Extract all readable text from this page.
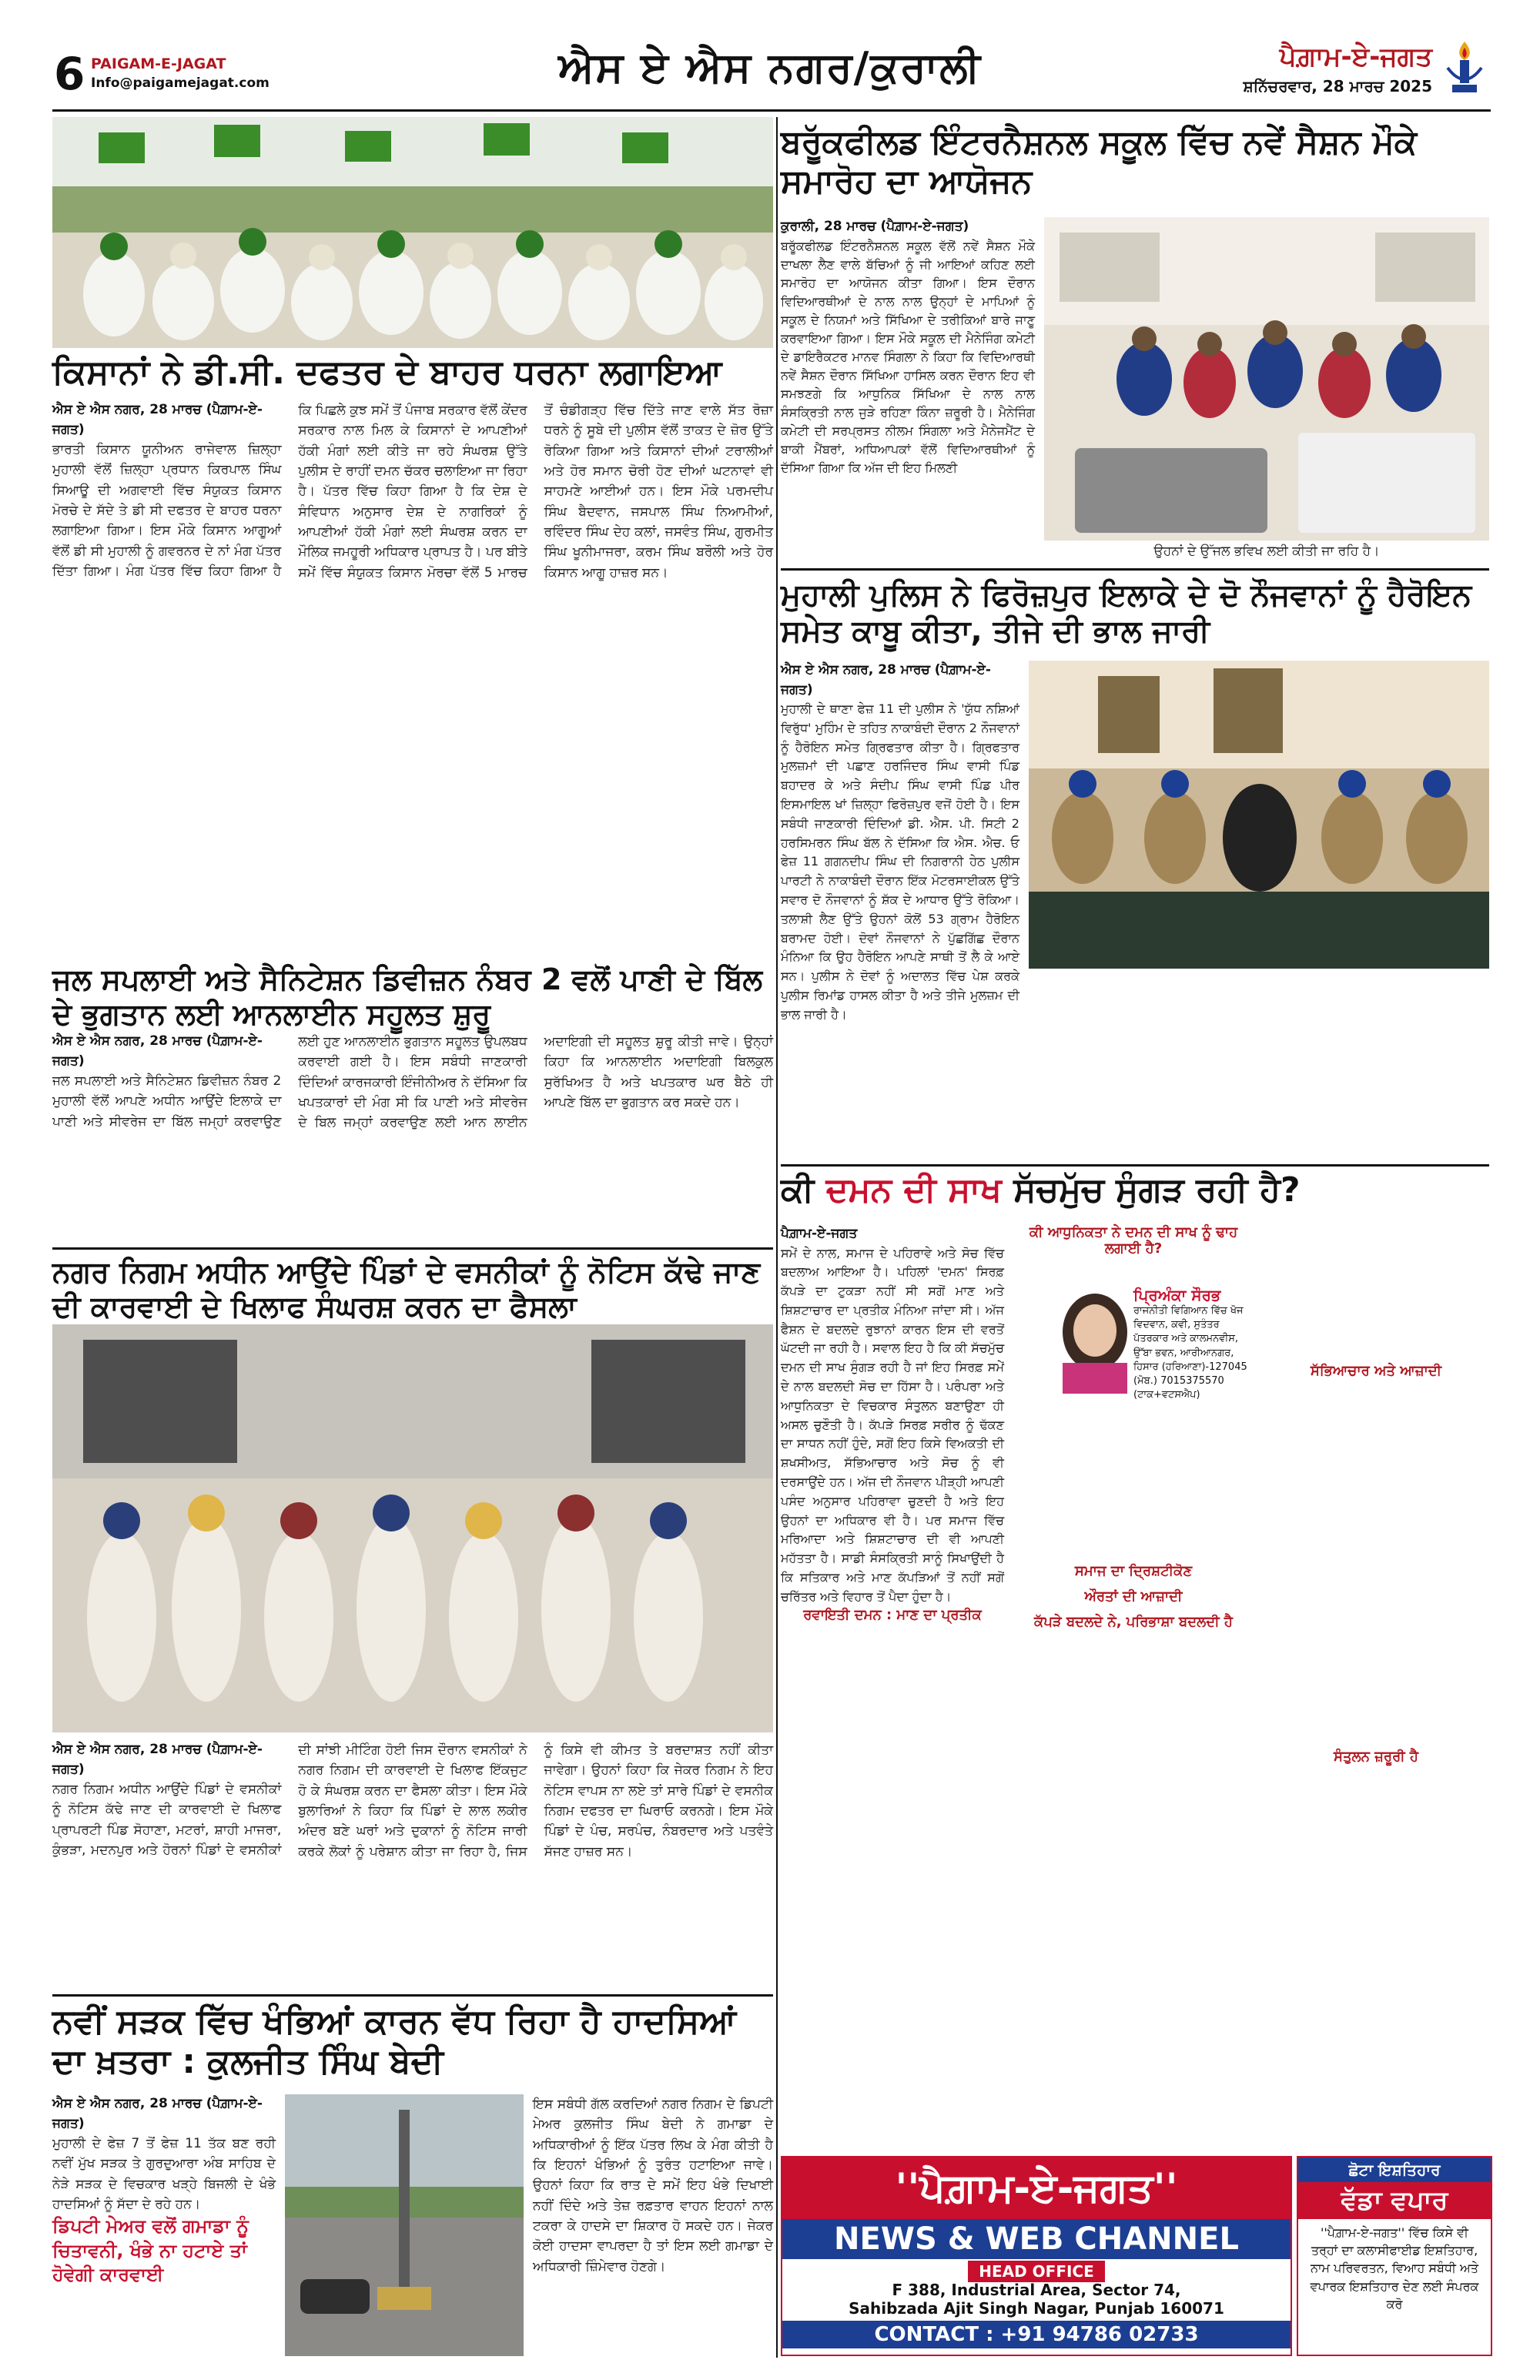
6 PAIGAM-E-JAGAT
Info@paigamejagat.com	ਐਸ ਏ ਐਸ ਨਗਰ/ਕੁਰਾਲੀ	ਪੈਗ਼ਾਮ-ਏ-ਜਗਤ
ਸ਼ਨਿੱਚਰਵਾਰ, 28 ਮਾਰਚ 2025
ਬਰੂੱਕਫੀਲਡ ਇੰਟਰਨੈਸ਼ਨਲ ਸਕੂਲ ਵਿੱਚ ਨਵੇਂ ਸੈਸ਼ਨ ਮੌਕੇ ਸਮਾਰੋਹ ਦਾ ਆਯੋਜਨ
ਕੁਰਾਲੀ, 28 ਮਾਰਚ (ਪੈਗ਼ਾਮ-ਏ-ਜਗਤ)
ਬਰੂੱਕਫੀਲਡ ਇੰਟਰਨੈਸ਼ਨਲ ਸਕੂਲ ਵੱਲੋਂ ਨਵੇਂ ਸੈਸ਼ਨ ਮੌਕੇ ਦਾਖਲਾ ਲੈਣ ਵਾਲੇ ਬੱਚਿਆਂ ਨੂੰ ਜੀ ਆਇਆਂ ਕਹਿਣ ਲਈ ਸਮਾਰੋਹ ਦਾ ਆਯੋਜਨ ਕੀਤਾ ਗਿਆ। ਇਸ ਦੌਰਾਨ ਵਿਦਿਆਰਥੀਆਂ ਦੇ ਨਾਲ ਨਾਲ ਉਨ੍ਹਾਂ ਦੇ ਮਾਪਿਆਂ ਨੂੰ ਸਕੂਲ ਦੇ ਨਿਯਮਾਂ ਅਤੇ ਸਿੱਖਿਆ ਦੇ ਤਰੀਕਿਆਂ ਬਾਰੇ ਜਾਣੂ ਕਰਵਾਇਆ ਗਿਆ। ਇਸ ਮੌਕੇ ਸਕੂਲ ਦੀ ਮੈਨੇਜਿੰਗ ਕਮੇਟੀ ਦੇ ਡਾਇਰੈਕਟਰ ਮਾਨਵ ਸਿੰਗਲਾ ਨੇ ਕਿਹਾ ਕਿ ਵਿਦਿਆਰਥੀ ਨਵੇਂ ਸੈਸ਼ਨ ਦੌਰਾਨ ਸਿੱਖਿਆ ਹਾਸਿਲ ਕਰਨ ਦੌਰਾਨ ਇਹ ਵੀ ਸਮਝਣਗੇ ਕਿ ਆਧੁਨਿਕ ਸਿੱਖਿਆ ਦੇ ਨਾਲ ਨਾਲ ਸੰਸਕ੍ਰਿਤੀ ਨਾਲ ਜੁੜੇ ਰਹਿਣਾ ਕਿੰਨਾ ਜ਼ਰੂਰੀ ਹੈ। ਮੈਨੇਜਿੰਗ ਕਮੇਟੀ ਦੀ ਸਰਪ੍ਰਸਤ ਨੀਲਮ ਸਿੰਗਲਾ ਅਤੇ ਮੈਨੇਜਮੈਂਟ ਦੇ ਬਾਕੀ ਮੈਂਬਰਾਂ, ਅਧਿਆਪਕਾਂ ਵੱਲੋਂ ਵਿਦਿਆਰਥੀਆਂ ਨੂੰ ਦੱਸਿਆ ਗਿਆ ਕਿ ਅੱਜ ਦੀ ਇਹ ਮਿਲਣੀ
ਉਹਨਾਂ ਦੇ ਉੱਜਲ ਭਵਿਖ ਲਈ ਕੀਤੀ ਜਾ ਰਹਿ ਹੈ।
ਕਿਸਾਨਾਂ ਨੇ ਡੀ.ਸੀ. ਦਫਤਰ ਦੇ ਬਾਹਰ ਧਰਨਾ ਲਗਾਇਆ
ਐਸ ਏ ਐਸ ਨਗਰ, 28 ਮਾਰਚ (ਪੈਗ਼ਾਮ-ਏ-ਜਗਤ)
ਭਾਰਤੀ ਕਿਸਾਨ ਯੂਨੀਅਨ ਰਾਜੇਵਾਲ ਜ਼ਿਲ੍ਹਾ ਮੁਹਾਲੀ ਵੱਲੋਂ ਜ਼ਿਲ੍ਹਾ ਪ੍ਰਧਾਨ ਕਿਰਪਾਲ ਸਿੰਘ ਸਿਆਊ ਦੀ ਅਗਵਾਈ ਵਿੱਚ ਸੰਯੁਕਤ ਕਿਸਾਨ ਮੋਰਚੇ ਦੇ ਸੱਦੇ ਤੇ ਡੀ ਸੀ ਦਫਤਰ ਦੇ ਬਾਹਰ ਧਰਨਾ ਲਗਾਇਆ ਗਿਆ। ਇਸ ਮੌਕੇ ਕਿਸਾਨ ਆਗੂਆਂ ਵੱਲੋਂ ਡੀ ਸੀ ਮੁਹਾਲੀ ਨੂੰ ਗਵਰਨਰ ਦੇ ਨਾਂ ਮੰਗ ਪੱਤਰ ਦਿੱਤਾ ਗਿਆ। ਮੰਗ ਪੱਤਰ ਵਿੱਚ ਕਿਹਾ ਗਿਆ ਹੈ ਕਿ ਪਿਛਲੇ ਕੁਝ ਸਮੇਂ ਤੋਂ ਪੰਜਾਬ ਸਰਕਾਰ ਵੱਲੋਂ ਕੇਂਦਰ ਸਰਕਾਰ ਨਾਲ ਮਿਲ ਕੇ ਕਿਸਾਨਾਂ ਦੇ ਆਪਣੀਆਂ ਹੱਕੀ ਮੰਗਾਂ ਲਈ ਕੀਤੇ ਜਾ ਰਹੇ ਸੰਘਰਸ਼ ਉੱਤੇ ਪੁਲੀਸ ਦੇ ਰਾਹੀਂ ਦਮਨ ਚੱਕਰ ਚਲਾਇਆ ਜਾ ਰਿਹਾ ਹੈ। ਪੱਤਰ ਵਿੱਚ ਕਿਹਾ ਗਿਆ ਹੈ ਕਿ ਦੇਸ਼ ਦੇ ਸੰਵਿਧਾਨ ਅਨੁਸਾਰ ਦੇਸ਼ ਦੇ ਨਾਗਰਿਕਾਂ ਨੂੰ ਆਪਣੀਆਂ ਹੱਕੀ ਮੰਗਾਂ ਲਈ ਸੰਘਰਸ਼ ਕਰਨ ਦਾ ਮੌਲਿਕ ਜਮਹੂਰੀ ਅਧਿਕਾਰ ਪ੍ਰਾਪਤ ਹੈ। ਪਰ ਬੀਤੇ ਸਮੇਂ ਵਿੱਚ ਸੰਯੁਕਤ ਕਿਸਾਨ ਮੋਰਚਾ ਵੱਲੋਂ 5 ਮਾਰਚ ਤੋਂ ਚੰਡੀਗੜ੍ਹ ਵਿੱਚ ਦਿੱਤੇ ਜਾਣ ਵਾਲੇ ਸੱਤ ਰੋਜ਼ਾ ਧਰਨੇ ਨੂੰ ਸੂਬੇ ਦੀ ਪੁਲੀਸ ਵੱਲੋਂ ਤਾਕਤ ਦੇ ਜ਼ੋਰ ਉੱਤੇ ਰੋਕਿਆ ਗਿਆ ਅਤੇ ਕਿਸਾਨਾਂ ਦੀਆਂ ਟਰਾਲੀਆਂ ਅਤੇ ਹੋਰ ਸਮਾਨ ਚੋਰੀ ਹੋਣ ਦੀਆਂ ਘਟਨਾਵਾਂ ਵੀ ਸਾਹਮਣੇ ਆਈਆਂ ਹਨ। ਇਸ ਮੌਕੇ ਪਰਮਦੀਪ ਸਿੰਘ ਬੈਦਵਾਨ, ਜਸਪਾਲ ਸਿੰਘ ਨਿਆਮੀਆਂ, ਰਵਿੰਦਰ ਸਿੰਘ ਦੇਹ ਕਲਾਂ, ਜਸਵੰਤ ਸਿੰਘ, ਗੁਰਮੀਤ ਸਿੰਘ ਖੂਨੀਮਾਜਰਾ, ਕਰਮ ਸਿੰਘ ਬਰੌਲੀ ਅਤੇ ਹੋਰ ਕਿਸਾਨ ਆਗੂ ਹਾਜ਼ਰ ਸਨ।
ਮੁਹਾਲੀ ਪੁਲਿਸ ਨੇ ਫਿਰੋਜ਼ਪੁਰ ਇਲਾਕੇ ਦੇ ਦੋ ਨੌਜਵਾਨਾਂ ਨੂੰ ਹੈਰੋਇਨ ਸਮੇਤ ਕਾਬੂ ਕੀਤਾ, ਤੀਜੇ ਦੀ ਭਾਲ ਜਾਰੀ
ਐਸ ਏ ਐਸ ਨਗਰ, 28 ਮਾਰਚ (ਪੈਗ਼ਾਮ-ਏ-ਜਗਤ)
ਮੁਹਾਲੀ ਦੇ ਥਾਣਾ ਫੇਜ਼ 11 ਦੀ ਪੁਲੀਸ ਨੇ 'ਯੁੱਧ ਨਸ਼ਿਆਂ ਵਿਰੁੱਧ' ਮੁਹਿੰਮ ਦੇ ਤਹਿਤ ਨਾਕਾਬੰਦੀ ਦੌਰਾਨ 2 ਨੌਜਵਾਨਾਂ ਨੂੰ ਹੈਰੋਇਨ ਸਮੇਤ ਗ੍ਰਿਫਤਾਰ ਕੀਤਾ ਹੈ। ਗ੍ਰਿਫਤਾਰ ਮੁਲਜ਼ਮਾਂ ਦੀ ਪਛਾਣ ਹਰਜਿੰਦਰ ਸਿੰਘ ਵਾਸੀ ਪਿੰਡ ਬਹਾਦਰ ਕੇ ਅਤੇ ਸੰਦੀਪ ਸਿੰਘ ਵਾਸੀ ਪਿੰਡ ਪੀਰ ਇਸਮਾਇਲ ਖਾਂ ਜ਼ਿਲ੍ਹਾ ਫਿਰੋਜ਼ਪੁਰ ਵਜੋਂ ਹੋਈ ਹੈ। ਇਸ ਸਬੰਧੀ ਜਾਣਕਾਰੀ ਦਿੰਦਿਆਂ ਡੀ. ਐਸ. ਪੀ. ਸਿਟੀ 2 ਹਰਸਿਮਰਨ ਸਿੰਘ ਬੱਲ ਨੇ ਦੱਸਿਆ ਕਿ ਐਸ. ਐਚ. ਓ ਫੇਜ਼ 11 ਗਗਨਦੀਪ ਸਿੰਘ ਦੀ ਨਿਗਰਾਨੀ ਹੇਠ ਪੁਲੀਸ ਪਾਰਟੀ ਨੇ ਨਾਕਾਬੰਦੀ ਦੌਰਾਨ ਇੱਕ ਮੋਟਰਸਾਈਕਲ ਉੱਤੇ ਸਵਾਰ ਦੋ ਨੌਜਵਾਨਾਂ ਨੂੰ ਸ਼ੱਕ ਦੇ ਆਧਾਰ ਉੱਤੇ ਰੋਕਿਆ। ਤਲਾਸ਼ੀ ਲੈਣ ਉੱਤੇ ਉਹਨਾਂ ਕੋਲੋਂ 53 ਗ੍ਰਾਮ ਹੈਰੋਇਨ ਬਰਾਮਦ ਹੋਈ। ਦੋਵਾਂ ਨੌਜਵਾਨਾਂ ਨੇ ਪੁੱਛਗਿੱਛ ਦੌਰਾਨ ਮੰਨਿਆ ਕਿ ਉਹ ਹੈਰੋਇਨ ਆਪਣੇ ਸਾਥੀ ਤੋਂ ਲੈ ਕੇ ਆਏ ਸਨ। ਪੁਲੀਸ ਨੇ ਦੋਵਾਂ ਨੂੰ ਅਦਾਲਤ ਵਿੱਚ ਪੇਸ਼ ਕਰਕੇ ਪੁਲੀਸ ਰਿਮਾਂਡ ਹਾਸਲ ਕੀਤਾ ਹੈ ਅਤੇ ਤੀਜੇ ਮੁਲਜ਼ਮ ਦੀ ਭਾਲ ਜਾਰੀ ਹੈ।
ਜਲ ਸਪਲਾਈ ਅਤੇ ਸੈਨਿਟੇਸ਼ਨ ਡਿਵੀਜ਼ਨ ਨੰਬਰ 2 ਵਲੋਂ ਪਾਣੀ ਦੇ ਬਿੱਲ ਦੇ ਭੁਗਤਾਨ ਲਈ ਆਨਲਾਈਨ ਸਹੂਲਤ ਸ਼ੁਰੂ
ਐਸ ਏ ਐਸ ਨਗਰ, 28 ਮਾਰਚ (ਪੈਗ਼ਾਮ-ਏ-ਜਗਤ)
ਜਲ ਸਪਲਾਈ ਅਤੇ ਸੈਨਿਟੇਸ਼ਨ ਡਿਵੀਜ਼ਨ ਨੰਬਰ 2 ਮੁਹਾਲੀ ਵੱਲੋਂ ਆਪਣੇ ਅਧੀਨ ਆਉਂਦੇ ਇਲਾਕੇ ਦਾ ਪਾਣੀ ਅਤੇ ਸੀਵਰੇਜ ਦਾ ਬਿੱਲ ਜਮ੍ਹਾਂ ਕਰਵਾਉਣ ਲਈ ਹੁਣ ਆਨਲਾਈਨ ਭੁਗਤਾਨ ਸਹੂਲਤ ਉਪਲਬਧ ਕਰਵਾਈ ਗਈ ਹੈ। ਇਸ ਸਬੰਧੀ ਜਾਣਕਾਰੀ ਦਿੰਦਿਆਂ ਕਾਰਜਕਾਰੀ ਇੰਜੀਨੀਅਰ ਨੇ ਦੱਸਿਆ ਕਿ ਖਪਤਕਾਰਾਂ ਦੀ ਮੰਗ ਸੀ ਕਿ ਪਾਣੀ ਅਤੇ ਸੀਵਰੇਜ ਦੇ ਬਿਲ ਜਮ੍ਹਾਂ ਕਰਵਾਉਣ ਲਈ ਆਨ ਲਾਈਨ ਅਦਾਇਗੀ ਦੀ ਸਹੂਲਤ ਸ਼ੁਰੂ ਕੀਤੀ ਜਾਵੇ। ਉਨ੍ਹਾਂ ਕਿਹਾ ਕਿ ਆਨਲਾਈਨ ਅਦਾਇਗੀ ਬਿਲਕੁਲ ਸੁਰੱਖਿਅਤ ਹੈ ਅਤੇ ਖਪਤਕਾਰ ਘਰ ਬੈਠੇ ਹੀ ਆਪਣੇ ਬਿੱਲ ਦਾ ਭੁਗਤਾਨ ਕਰ ਸਕਦੇ ਹਨ।
ਨਗਰ ਨਿਗਮ ਅਧੀਨ ਆਉਂਦੇ ਪਿੰਡਾਂ ਦੇ ਵਸਨੀਕਾਂ ਨੂੰ ਨੋਟਿਸ ਕੱਢੇ ਜਾਣ ਦੀ ਕਾਰਵਾਈ ਦੇ ਖਿਲਾਫ ਸੰਘਰਸ਼ ਕਰਨ ਦਾ ਫੈਸਲਾ
ਐਸ ਏ ਐਸ ਨਗਰ, 28 ਮਾਰਚ (ਪੈਗ਼ਾਮ-ਏ-ਜਗਤ)
ਨਗਰ ਨਿਗਮ ਅਧੀਨ ਆਉਂਦੇ ਪਿੰਡਾਂ ਦੇ ਵਸਨੀਕਾਂ ਨੂੰ ਨੋਟਿਸ ਕੱਢੇ ਜਾਣ ਦੀ ਕਾਰਵਾਈ ਦੇ ਖਿਲਾਫ ਪ੍ਰਾਪਰਟੀ ਪਿੰਡ ਸੋਹਾਣਾ, ਮਟਰਾਂ, ਸ਼ਾਹੀ ਮਾਜਰਾ, ਕੁੰਭੜਾ, ਮਦਨਪੁਰ ਅਤੇ ਹੋਰਨਾਂ ਪਿੰਡਾਂ ਦੇ ਵਸਨੀਕਾਂ ਦੀ ਸਾਂਝੀ ਮੀਟਿੰਗ ਹੋਈ ਜਿਸ ਦੌਰਾਨ ਵਸਨੀਕਾਂ ਨੇ ਨਗਰ ਨਿਗਮ ਦੀ ਕਾਰਵਾਈ ਦੇ ਖਿਲਾਫ ਇੱਕਜੁਟ ਹੋ ਕੇ ਸੰਘਰਸ਼ ਕਰਨ ਦਾ ਫੈਸਲਾ ਕੀਤਾ। ਇਸ ਮੌਕੇ ਬੁਲਾਰਿਆਂ ਨੇ ਕਿਹਾ ਕਿ ਪਿੰਡਾਂ ਦੇ ਲਾਲ ਲਕੀਰ ਅੰਦਰ ਬਣੇ ਘਰਾਂ ਅਤੇ ਦੁਕਾਨਾਂ ਨੂੰ ਨੋਟਿਸ ਜਾਰੀ ਕਰਕੇ ਲੋਕਾਂ ਨੂੰ ਪਰੇਸ਼ਾਨ ਕੀਤਾ ਜਾ ਰਿਹਾ ਹੈ, ਜਿਸ ਨੂੰ ਕਿਸੇ ਵੀ ਕੀਮਤ ਤੇ ਬਰਦਾਸ਼ਤ ਨਹੀਂ ਕੀਤਾ ਜਾਵੇਗਾ। ਉਹਨਾਂ ਕਿਹਾ ਕਿ ਜੇਕਰ ਨਿਗਮ ਨੇ ਇਹ ਨੋਟਿਸ ਵਾਪਸ ਨਾ ਲਏ ਤਾਂ ਸਾਰੇ ਪਿੰਡਾਂ ਦੇ ਵਸਨੀਕ ਨਿਗਮ ਦਫਤਰ ਦਾ ਘਿਰਾਓ ਕਰਨਗੇ। ਇਸ ਮੌਕੇ ਪਿੰਡਾਂ ਦੇ ਪੰਚ, ਸਰਪੰਚ, ਨੰਬਰਦਾਰ ਅਤੇ ਪਤਵੰਤੇ ਸੱਜਣ ਹਾਜ਼ਰ ਸਨ।
ਨਵੀਂ ਸੜਕ ਵਿੱਚ ਖੰਭਿਆਂ ਕਾਰਨ ਵੱਧ ਰਿਹਾ ਹੈ ਹਾਦਸਿਆਂ ਦਾ ਖ਼ਤਰਾ : ਕੁਲਜੀਤ ਸਿੰਘ ਬੇਦੀ
ਐਸ ਏ ਐਸ ਨਗਰ, 28 ਮਾਰਚ (ਪੈਗ਼ਾਮ-ਏ-ਜਗਤ)
ਮੁਹਾਲੀ ਦੇ ਫੇਜ਼ 7 ਤੋਂ ਫੇਜ਼ 11 ਤੱਕ ਬਣ ਰਹੀ ਨਵੀਂ ਮੁੱਖ ਸੜਕ ਤੇ ਗੁਰਦੁਆਰਾ ਅੰਬ ਸਾਹਿਬ ਦੇ ਨੇੜੇ ਸੜਕ ਦੇ ਵਿਚਕਾਰ ਖੜ੍ਹੇ ਬਿਜਲੀ ਦੇ ਖੰਭੇ ਹਾਦਸਿਆਂ ਨੂੰ ਸੱਦਾ ਦੇ ਰਹੇ ਹਨ।
ਡਿਪਟੀ ਮੇਅਰ ਵਲੋਂ ਗਮਾਡਾ ਨੂੰ ਚਿਤਾਵਨੀ, ਖੰਭੇ ਨਾ ਹਟਾਏ ਤਾਂ ਹੋਵੇਗੀ ਕਾਰਵਾਈ
ਇਸ ਸਬੰਧੀ ਗੱਲ ਕਰਦਿਆਂ ਨਗਰ ਨਿਗਮ ਦੇ ਡਿਪਟੀ ਮੇਅਰ ਕੁਲਜੀਤ ਸਿੰਘ ਬੇਦੀ ਨੇ ਗਮਾਡਾ ਦੇ ਅਧਿਕਾਰੀਆਂ ਨੂੰ ਇੱਕ ਪੱਤਰ ਲਿਖ ਕੇ ਮੰਗ ਕੀਤੀ ਹੈ ਕਿ ਇਹਨਾਂ ਖੰਭਿਆਂ ਨੂੰ ਤੁਰੰਤ ਹਟਾਇਆ ਜਾਵੇ। ਉਹਨਾਂ ਕਿਹਾ ਕਿ ਰਾਤ ਦੇ ਸਮੇਂ ਇਹ ਖੰਭੇ ਦਿਖਾਈ ਨਹੀਂ ਦਿੰਦੇ ਅਤੇ ਤੇਜ਼ ਰਫ਼ਤਾਰ ਵਾਹਨ ਇਹਨਾਂ ਨਾਲ ਟਕਰਾ ਕੇ ਹਾਦਸੇ ਦਾ ਸ਼ਿਕਾਰ ਹੋ ਸਕਦੇ ਹਨ। ਜੇਕਰ ਕੋਈ ਹਾਦਸਾ ਵਾਪਰਦਾ ਹੈ ਤਾਂ ਇਸ ਲਈ ਗਮਾਡਾ ਦੇ ਅਧਿਕਾਰੀ ਜ਼ਿੰਮੇਵਾਰ ਹੋਣਗੇ।
ਕੀ ਦਮਨ ਦੀ ਸਾਖ ਸੱਚਮੁੱਚ ਸੁੰਗੜ ਰਹੀ ਹੈ?
ਪੈਗ਼ਾਮ-ਏ-ਜਗਤ
ਸਮੇਂ ਦੇ ਨਾਲ, ਸਮਾਜ ਦੇ ਪਹਿਰਾਵੇ ਅਤੇ ਸੋਚ ਵਿੱਚ ਬਦਲਾਅ ਆਇਆ ਹੈ। ਪਹਿਲਾਂ 'ਦਮਨ' ਸਿਰਫ਼ ਕੱਪੜੇ ਦਾ ਟੁਕੜਾ ਨਹੀਂ ਸੀ ਸਗੋਂ ਮਾਣ ਅਤੇ ਸ਼ਿਸ਼ਟਾਚਾਰ ਦਾ ਪ੍ਰਤੀਕ ਮੰਨਿਆ ਜਾਂਦਾ ਸੀ। ਅੱਜ ਫੈਸ਼ਨ ਦੇ ਬਦਲਦੇ ਰੁਝਾਨਾਂ ਕਾਰਨ ਇਸ ਦੀ ਵਰਤੋਂ ਘੱਟਦੀ ਜਾ ਰਹੀ ਹੈ। ਸਵਾਲ ਇਹ ਹੈ ਕਿ ਕੀ ਸੱਚਮੁੱਚ ਦਮਨ ਦੀ ਸਾਖ ਸੁੰਗੜ ਰਹੀ ਹੈ ਜਾਂ ਇਹ ਸਿਰਫ਼ ਸਮੇਂ ਦੇ ਨਾਲ ਬਦਲਦੀ ਸੋਚ ਦਾ ਹਿੱਸਾ ਹੈ। ਪਰੰਪਰਾ ਅਤੇ ਆਧੁਨਿਕਤਾ ਦੇ ਵਿਚਕਾਰ ਸੰਤੁਲਨ ਬਣਾਉਣਾ ਹੀ ਅਸਲ ਚੁਣੌਤੀ ਹੈ। ਕੱਪੜੇ ਸਿਰਫ਼ ਸਰੀਰ ਨੂੰ ਢੱਕਣ ਦਾ ਸਾਧਨ ਨਹੀਂ ਹੁੰਦੇ, ਸਗੋਂ ਇਹ ਕਿਸੇ ਵਿਅਕਤੀ ਦੀ ਸ਼ਖਸੀਅਤ, ਸੱਭਿਆਚਾਰ ਅਤੇ ਸੋਚ ਨੂੰ ਵੀ ਦਰਸਾਉਂਦੇ ਹਨ। ਅੱਜ ਦੀ ਨੌਜਵਾਨ ਪੀੜ੍ਹੀ ਆਪਣੀ ਪਸੰਦ ਅਨੁਸਾਰ ਪਹਿਰਾਵਾ ਚੁਣਦੀ ਹੈ ਅਤੇ ਇਹ ਉਹਨਾਂ ਦਾ ਅਧਿਕਾਰ ਵੀ ਹੈ। ਪਰ ਸਮਾਜ ਵਿੱਚ ਮਰਿਆਦਾ ਅਤੇ ਸ਼ਿਸ਼ਟਾਚਾਰ ਦੀ ਵੀ ਆਪਣੀ ਮਹੱਤਤਾ ਹੈ। ਸਾਡੀ ਸੰਸਕ੍ਰਿਤੀ ਸਾਨੂੰ ਸਿਖਾਉਂਦੀ ਹੈ ਕਿ ਸਤਿਕਾਰ ਅਤੇ ਮਾਣ ਕੱਪੜਿਆਂ ਤੋਂ ਨਹੀਂ ਸਗੋਂ ਚਰਿੱਤਰ ਅਤੇ ਵਿਹਾਰ ਤੋਂ ਪੈਦਾ ਹੁੰਦਾ ਹੈ।
ਰਵਾਇਤੀ ਦਮਨ : ਮਾਣ ਦਾ ਪ੍ਰਤੀਕ
ਕੀ ਆਧੁਨਿਕਤਾ ਨੇ ਦਮਨ ਦੀ ਸਾਖ ਨੂੰ ਢਾਹ ਲਗਾਈ ਹੈ?
ਪ੍ਰਿਅੰਕਾ ਸੌਰਭ
ਰਾਜਨੀਤੀ ਵਿਗਿਆਨ ਵਿੱਚ ਖੋਜ ਵਿਦਵਾਨ, ਕਵੀ, ਸੁਤੰਤਰ ਪੱਤਰਕਾਰ ਅਤੇ ਕਾਲਮਨਵੀਸ, ਉੱਬਾ ਭਵਨ, ਆਰੀਆਨਗਰ, ਹਿਸਾਰ (ਹਰਿਆਣਾ)-127045 (ਮੋਬ.) 7015375570 (ਟਾਕ+ਵਟਸਐਪ)
ਸਮਾਜ ਦਾ ਦ੍ਰਿਸ਼ਟੀਕੋਣ
ਔਰਤਾਂ ਦੀ ਆਜ਼ਾਦੀ
ਕੱਪੜੇ ਬਦਲਦੇ ਨੇ, ਪਰਿਭਾਸ਼ਾ ਬਦਲਦੀ ਹੈ
ਸੱਭਿਆਚਾਰ ਅਤੇ ਆਜ਼ਾਦੀ
ਸੰਤੁਲਨ ਜ਼ਰੂਰੀ ਹੈ
''ਪੈਗ਼ਾਮ-ਏ-ਜਗਤ''
NEWS & WEB CHANNEL
HEAD OFFICE
F 388, Industrial Area, Sector 74,
Sahibzada Ajit Singh Nagar, Punjab 160071
CONTACT : +91 94786 02733
ਛੋਟਾ ਇਸ਼ਤਿਹਾਰ
ਵੱਡਾ ਵਪਾਰ
''ਪੈਗ਼ਾਮ-ਏ-ਜਗਤ'' ਵਿੱਚ ਕਿਸੇ ਵੀ ਤਰ੍ਹਾਂ ਦਾ ਕਲਾਸੀਫਾਈਡ ਇਸ਼ਤਿਹਾਰ, ਨਾਮ ਪਰਿਵਰਤਨ, ਵਿਆਹ ਸਬੰਧੀ ਅਤੇ ਵਪਾਰਕ ਇਸ਼ਤਿਹਾਰ ਦੇਣ ਲਈ ਸੰਪਰਕ ਕਰੋ
